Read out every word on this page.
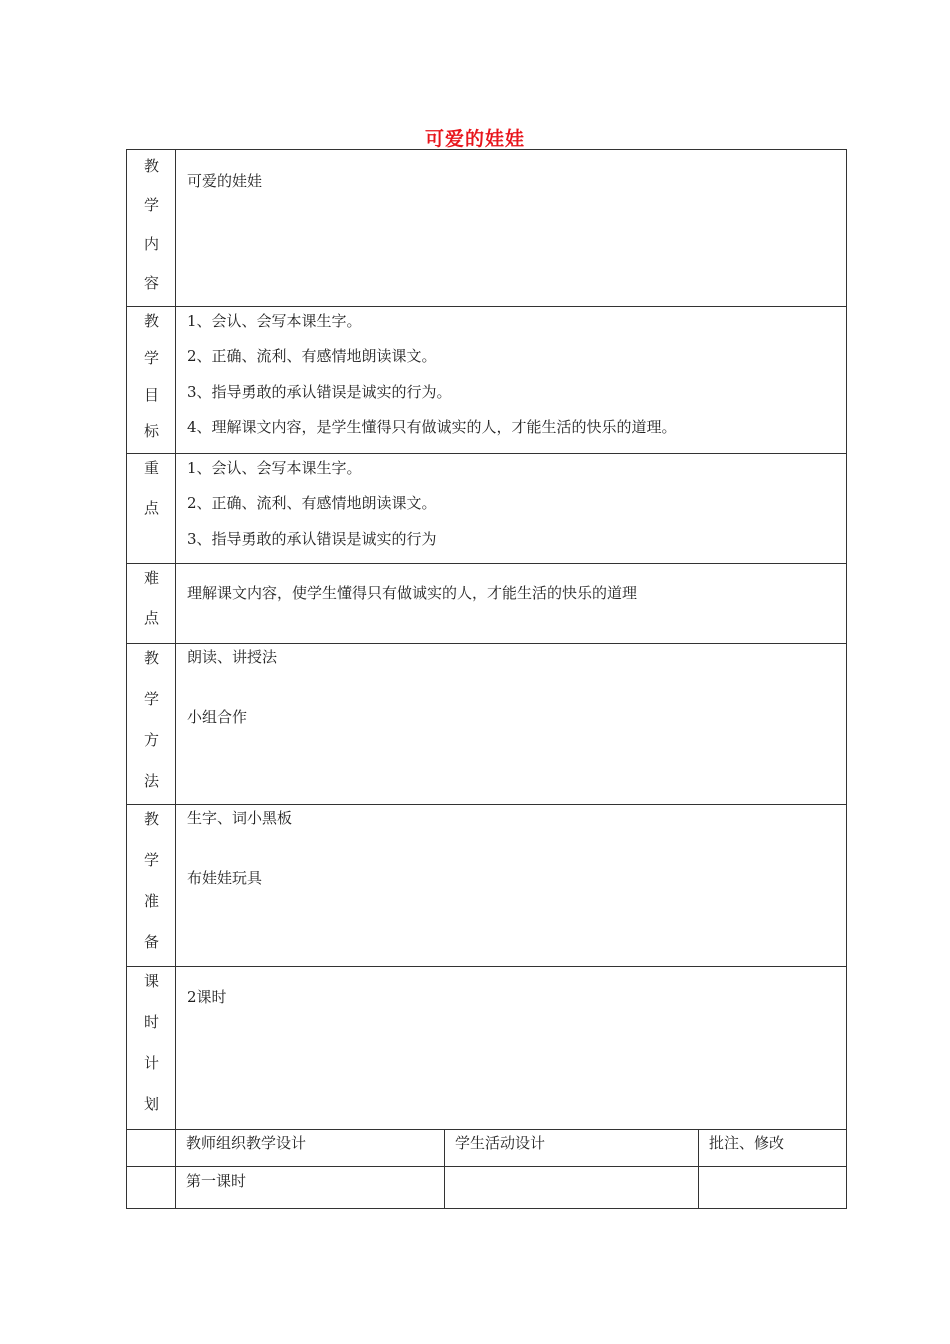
可爱的娃娃
教
学
内
容

可爱的娃娃

教
学
目
标

1、会认、会写本课生字。

2、正确、流利、有感情地朗读课文。

3、指导勇敢的承认错误是诚实的行为。

4、理解课文内容，是学生懂得只有做诚实的人，才能生活的快乐的道理。

重
点

1、会认、会写本课生字。

2、正确、流利、有感情地朗读课文。

3、指导勇敢的承认错误是诚实的行为

难
点

理解课文内容，使学生懂得只有做诚实的人，才能生活的快乐的道理

教
学
方
法

朗读、讲授法

小组合作

教
学
准
备

生字、词小黑板

布娃娃玩具

课
时
计
划

2课时

教师组织教学设计	学生活动设计	批注、修改
第一课时
